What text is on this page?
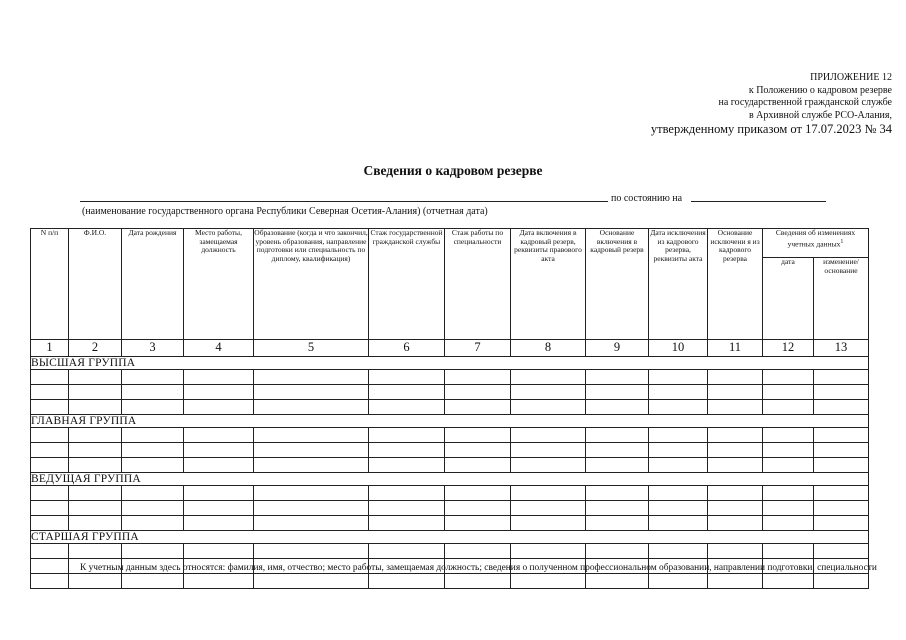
ПРИЛОЖЕНИЕ 12
к Положению о кадровом резерве
на государственной гражданской службе
в Архивной службе РСО-Алания,
утвержденному приказом от 17.07.2023 № 34
Сведения о кадровом резерве
по состоянию на
(наименование государственного органа Республики Северная Осетия-Алания) (отчетная дата)
N п/п	Ф.И.О.	Дата рождения	Место работы, замещаемая должность	Образование (когда и что закончил, уровень образования, направление подготовки или специальность по диплому, квалификация)	Стаж государственной гражданской службы	Стаж работы по специальности	Дата включения в кадровый резерв, реквизиты правового акта	Основание включения в кадровый резерв	Дата исключения из кадрового резерва, реквизиты акта	Основание исключени я из кадрового резерва	Сведения об изменениях учетных данных$^1$
											дата	изменение/ основание
1	2	3	4	5	6	7	8	9	10	11	12	13
ВЫСШАЯ ГРУППА												

ГЛАВНАЯ ГРУППА												

ВЕДУЩАЯ ГРУППА												

СТАРШАЯ ГРУППА												

К учетным данным здесь относятся: фамилия, имя, отчество; место работы, замещаемая должность; сведения о полученном профессиональном образовании, направлении подготовки, специальности
